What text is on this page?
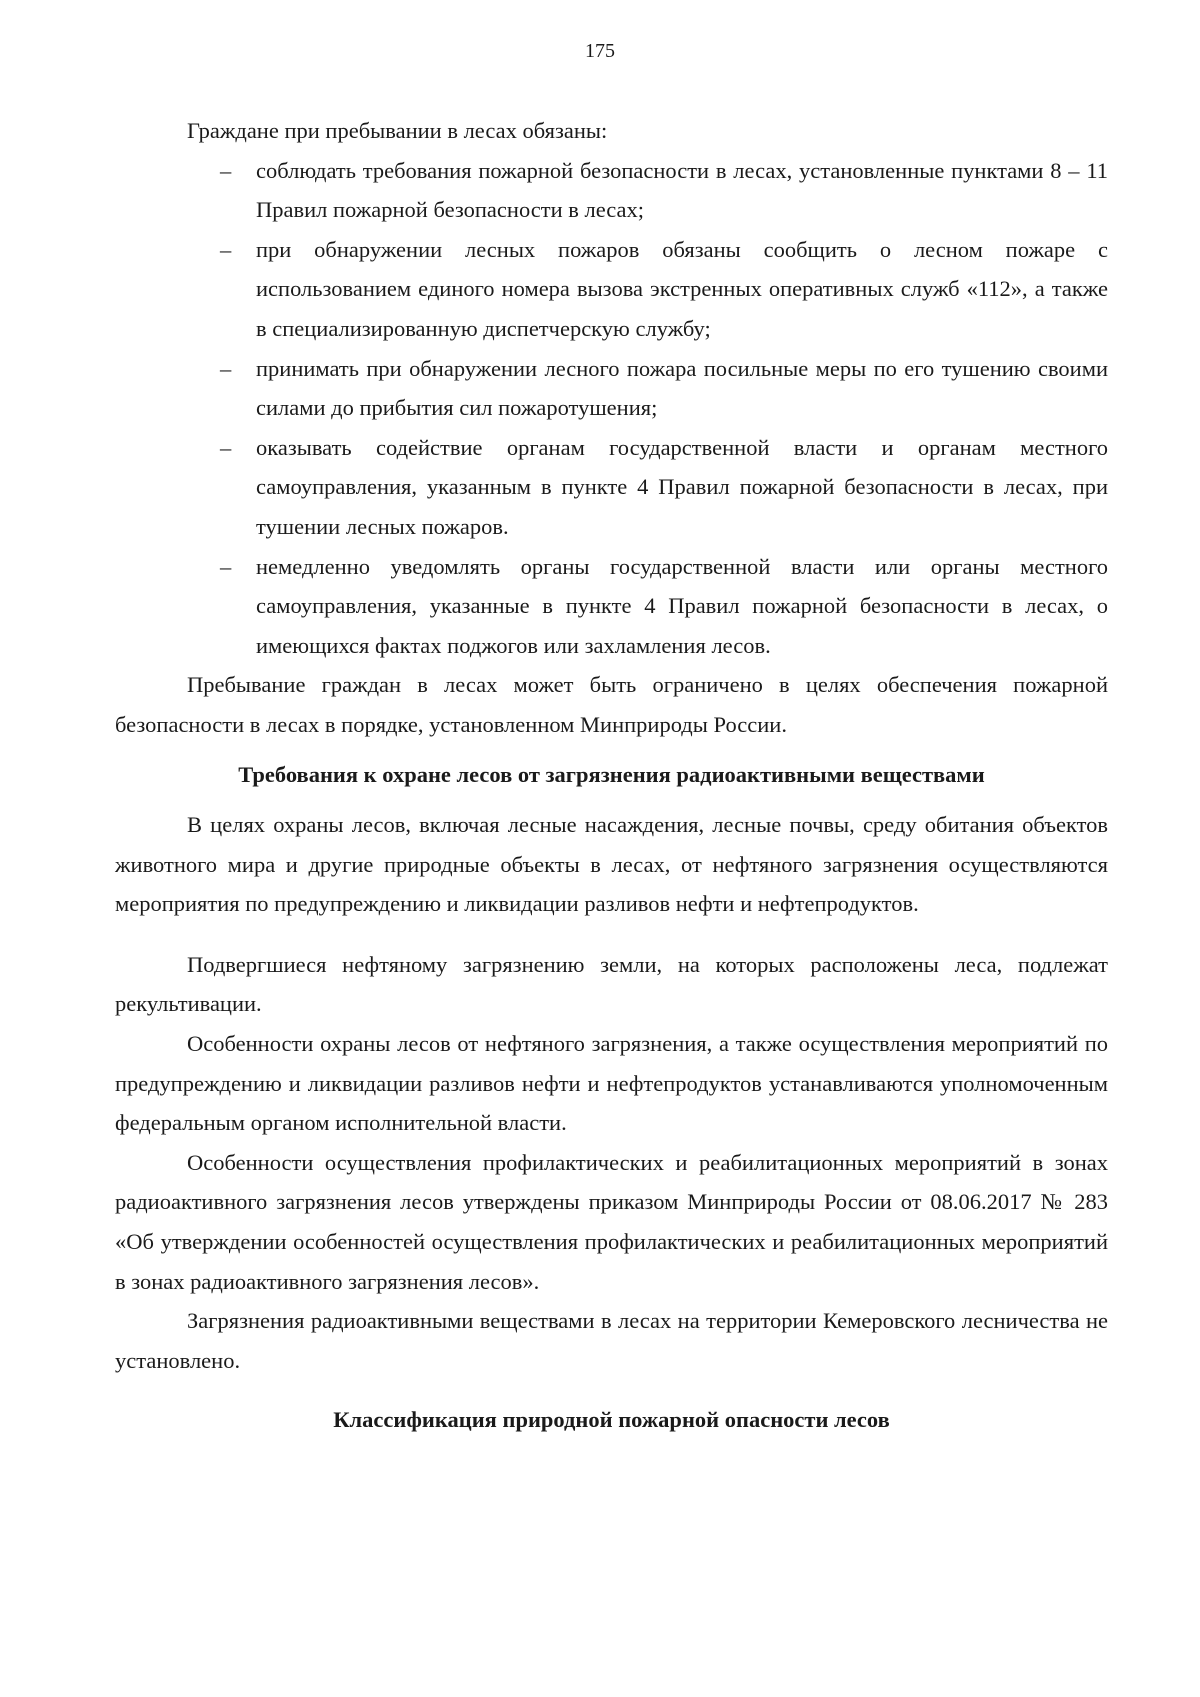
175

Граждане при пребывании в лесах обязаны:

–	соблюдать требования пожарной безопасности в лесах, установленные пунктами 8 – 11 Правил пожарной безопасности в лесах;
–	при обнаружении лесных пожаров обязаны сообщить о лесном пожаре с использованием единого номера вызова экстренных оперативных служб «112», а также в специализированную диспетчерскую службу;
–	принимать при обнаружении лесного пожара посильные меры по его тушению своими силами до прибытия сил пожаротушения;
–	оказывать содействие органам государственной власти и органам местного самоуправления, указанным в пункте 4 Правил пожарной безопасности в лесах, при тушении лесных пожаров.
–	немедленно уведомлять органы государственной власти или органы местного самоуправления, указанные в пункте 4 Правил пожарной безопасности в лесах, о имеющихся фактах поджогов или захламления лесов.

Пребывание граждан в лесах может быть ограничено в целях обеспечения пожарной безопасности в лесах в порядке, установленном Минприроды России.

Требования к охране лесов от загрязнения радиоактивными веществами

В целях охраны лесов, включая лесные насаждения, лесные почвы, среду обитания объектов животного мира и другие природные объекты в лесах, от нефтяного загрязнения осуществляются мероприятия по предупреждению и ликвидации разливов нефти и нефтепродуктов.

Подвергшиеся нефтяному загрязнению земли, на которых расположены леса, подлежат рекультивации.

Особенности охраны лесов от нефтяного загрязнения, а также осуществления мероприятий по предупреждению и ликвидации разливов нефти и нефтепродуктов устанавливаются уполномоченным федеральным органом исполнительной власти.

Особенности осуществления профилактических и реабилитационных мероприятий в зонах радиоактивного загрязнения лесов утверждены приказом Минприроды России от 08.06.2017 № 283 «Об утверждении особенностей осуществления профилактических и реабилитационных мероприятий в зонах радиоактивного загрязнения лесов».

Загрязнения радиоактивными веществами в лесах на территории Кемеровского лесничества не установлено.

Классификация природной пожарной опасности лесов
